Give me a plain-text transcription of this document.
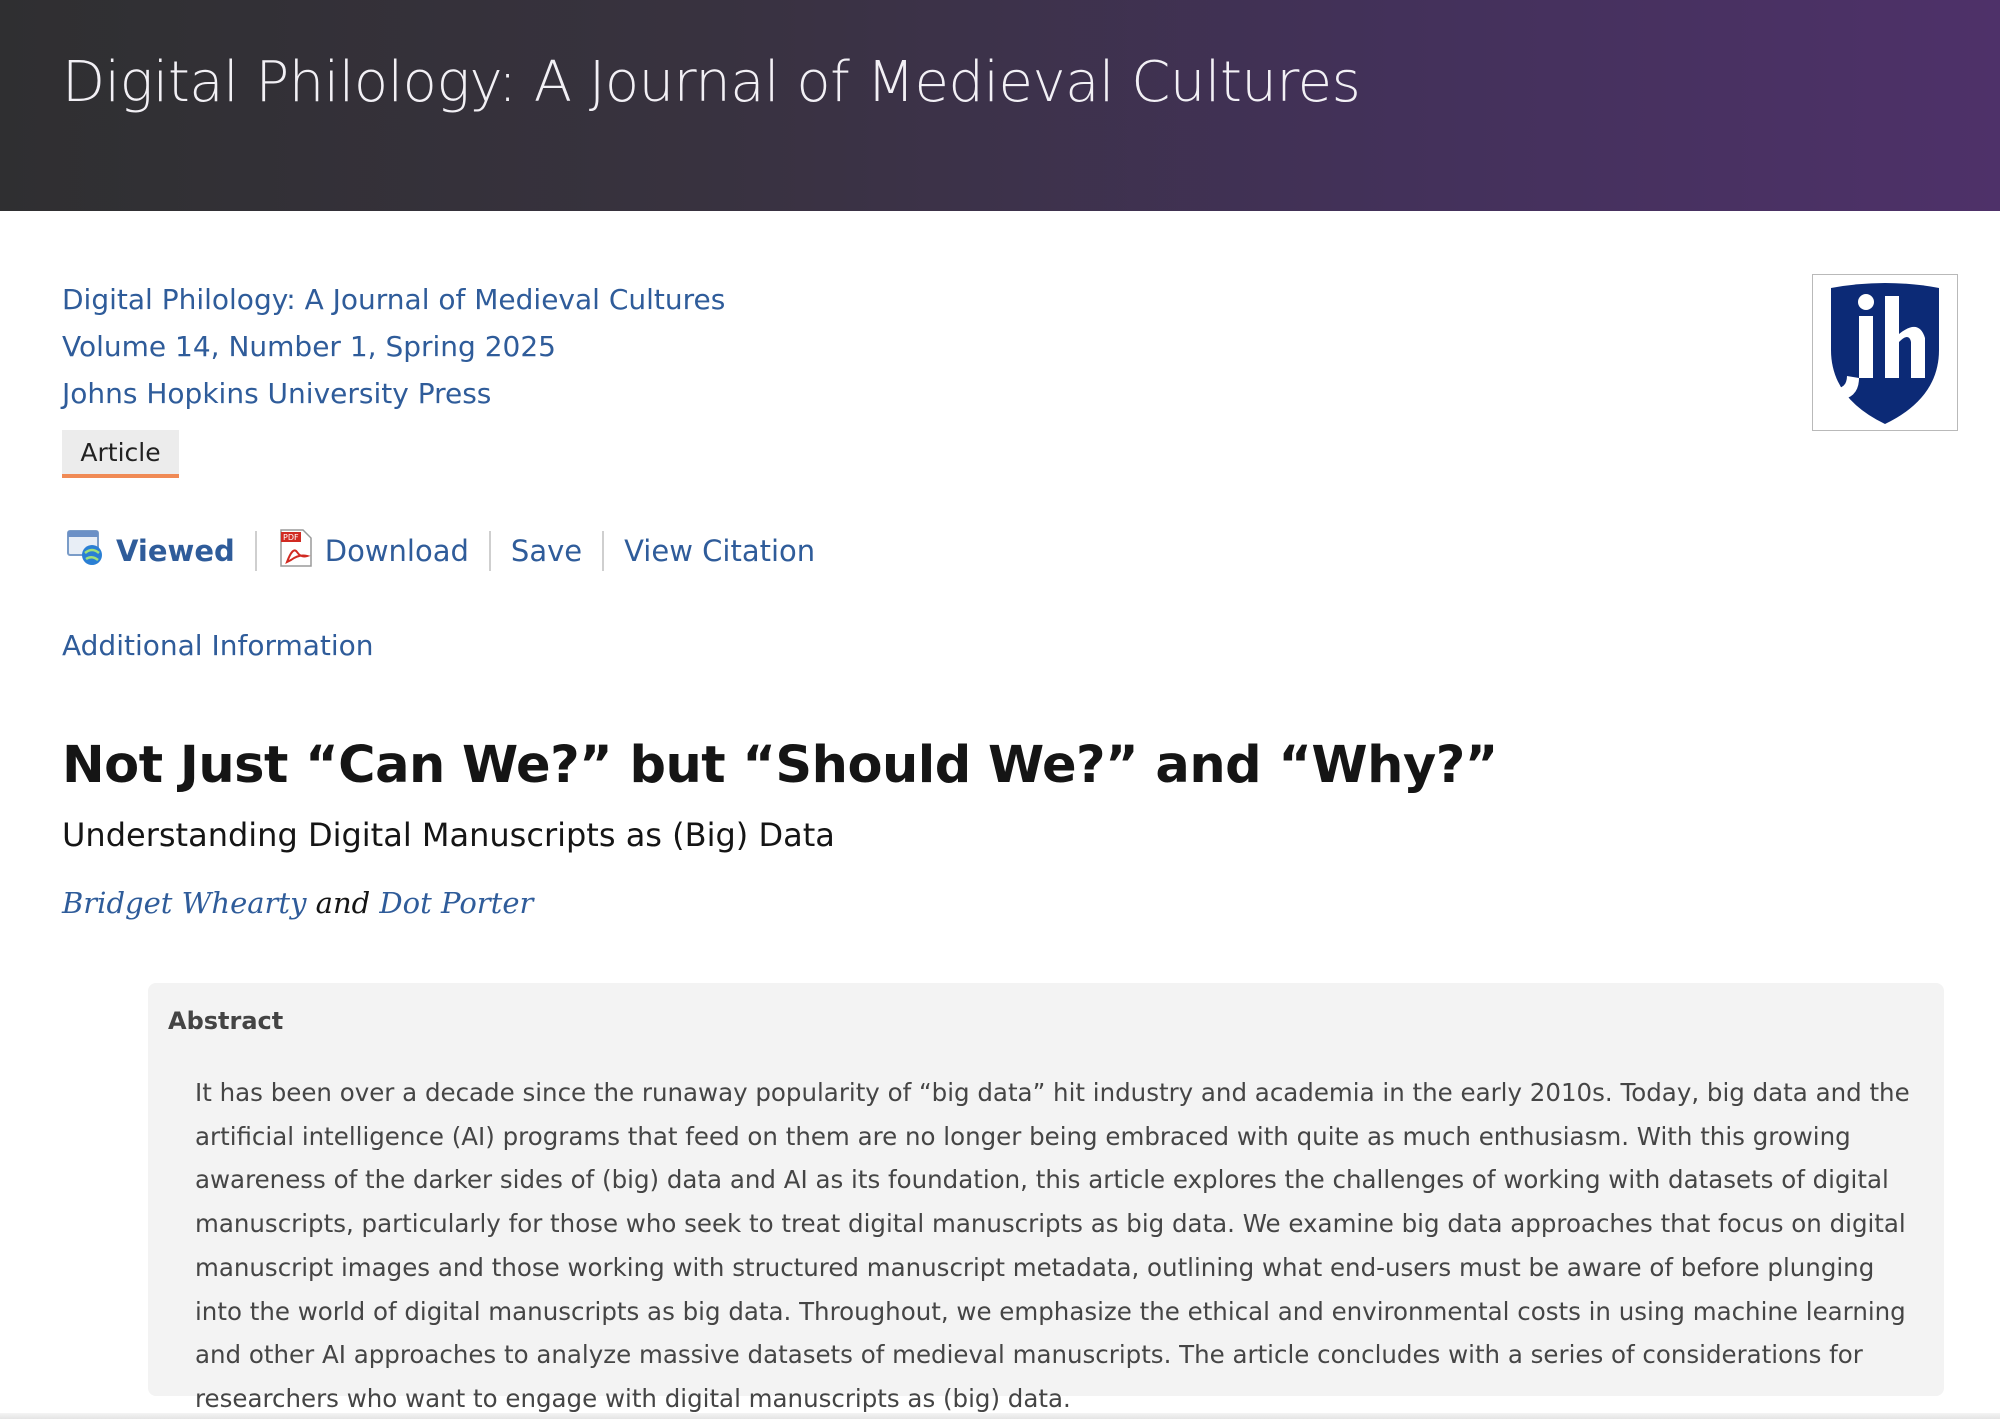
Digital Philology: A Journal of Medieval Cultures
Digital Philology: A Journal of Medieval Cultures
Volume 14, Number 1, Spring 2025
Johns Hopkins University Press
Article
Viewed	PDF Download Save View Citation
Additional Information
Not Just “Can We?” but “Should We?” and “Why?”
Understanding Digital Manuscripts as (Big) Data
Bridget Whearty and Dot Porter
Abstract
It has been over a decade since the runaway popularity of “big data” hit industry and academia in the early 2010s. Today, big data and the artificial intelligence (AI) programs that feed on them are no longer being embraced with quite as much enthusiasm. With this growing awareness of the darker sides of (big) data and AI as its foundation, this article explores the challenges of working with datasets of digital manuscripts, particularly for those who seek to treat digital manuscripts as big data. We examine big data approaches that focus on digital manuscript images and those working with structured manuscript metadata, outlining what end-users must be aware of before plunging into the world of digital manuscripts as big data. Throughout, we emphasize the ethical and environmental costs in using machine learning and other AI approaches to analyze massive datasets of medieval manuscripts. The article concludes with a series of considerations for researchers who want to engage with digital manuscripts as (big) data.
